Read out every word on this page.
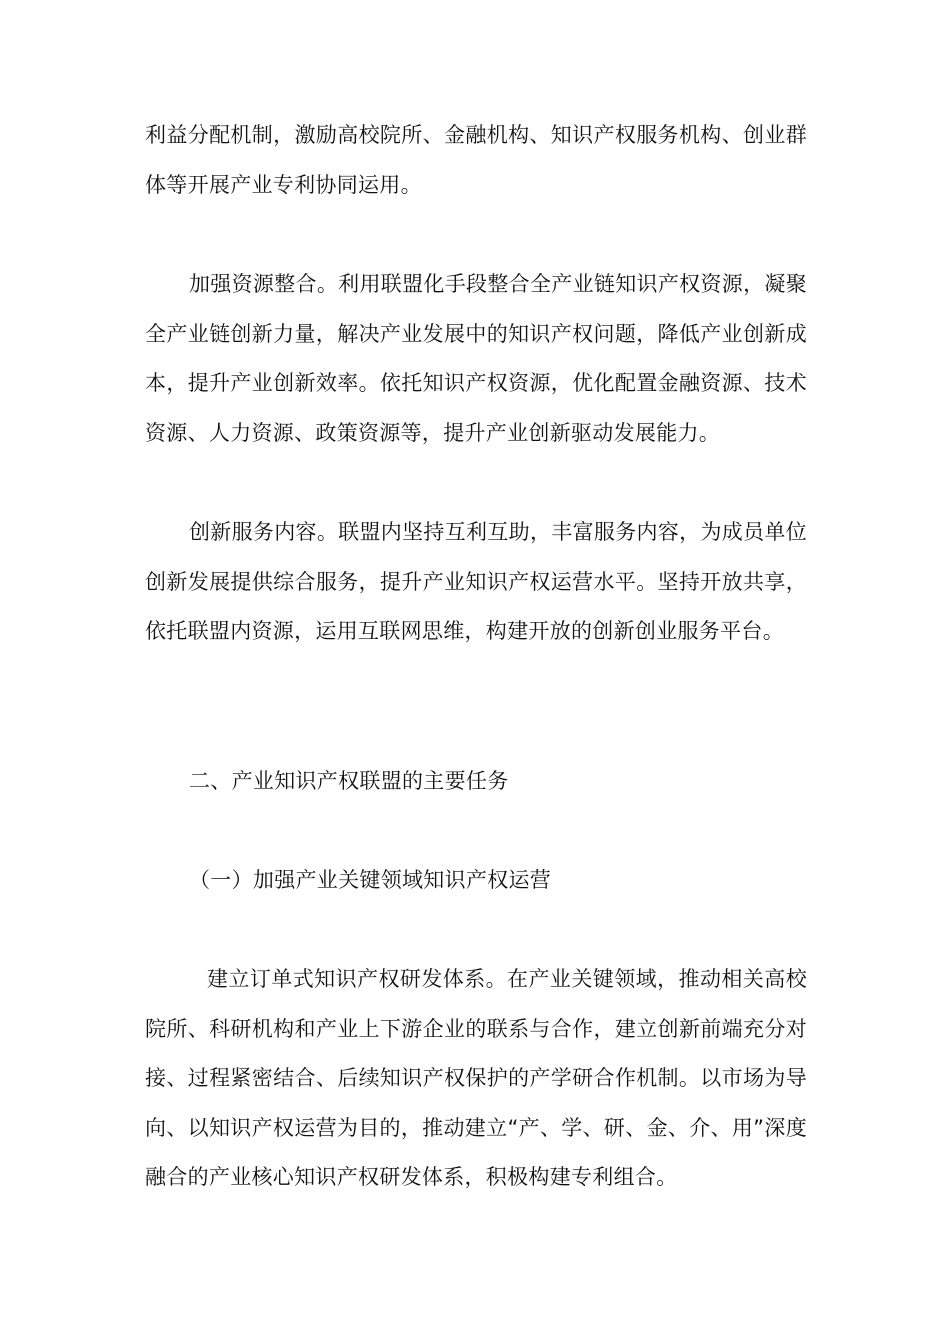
利益分配机制，激励高校院所、金融机构、知识产权服务机构、创业群体等开展产业专利协同运用。

加强资源整合。利用联盟化手段整合全产业链知识产权资源，凝聚全产业链创新力量，解决产业发展中的知识产权问题，降低产业创新成本，提升产业创新效率。依托知识产权资源，优化配置金融资源、技术资源、人力资源、政策资源等，提升产业创新驱动发展能力。

创新服务内容。联盟内坚持互利互助，丰富服务内容，为成员单位创新发展提供综合服务，提升产业知识产权运营水平。坚持开放共享，依托联盟内资源，运用互联网思维，构建开放的创新创业服务平台。

二、产业知识产权联盟的主要任务

（一）加强产业关键领域知识产权运营

建立订单式知识产权研发体系。在产业关键领域，推动相关高校院所、科研机构和产业上下游企业的联系与合作，建立创新前端充分对接、过程紧密结合、后续知识产权保护的产学研合作机制。以市场为导向、以知识产权运营为目的，推动建立“产、学、研、金、介、用”深度融合的产业核心知识产权研发体系，积极构建专利组合。
